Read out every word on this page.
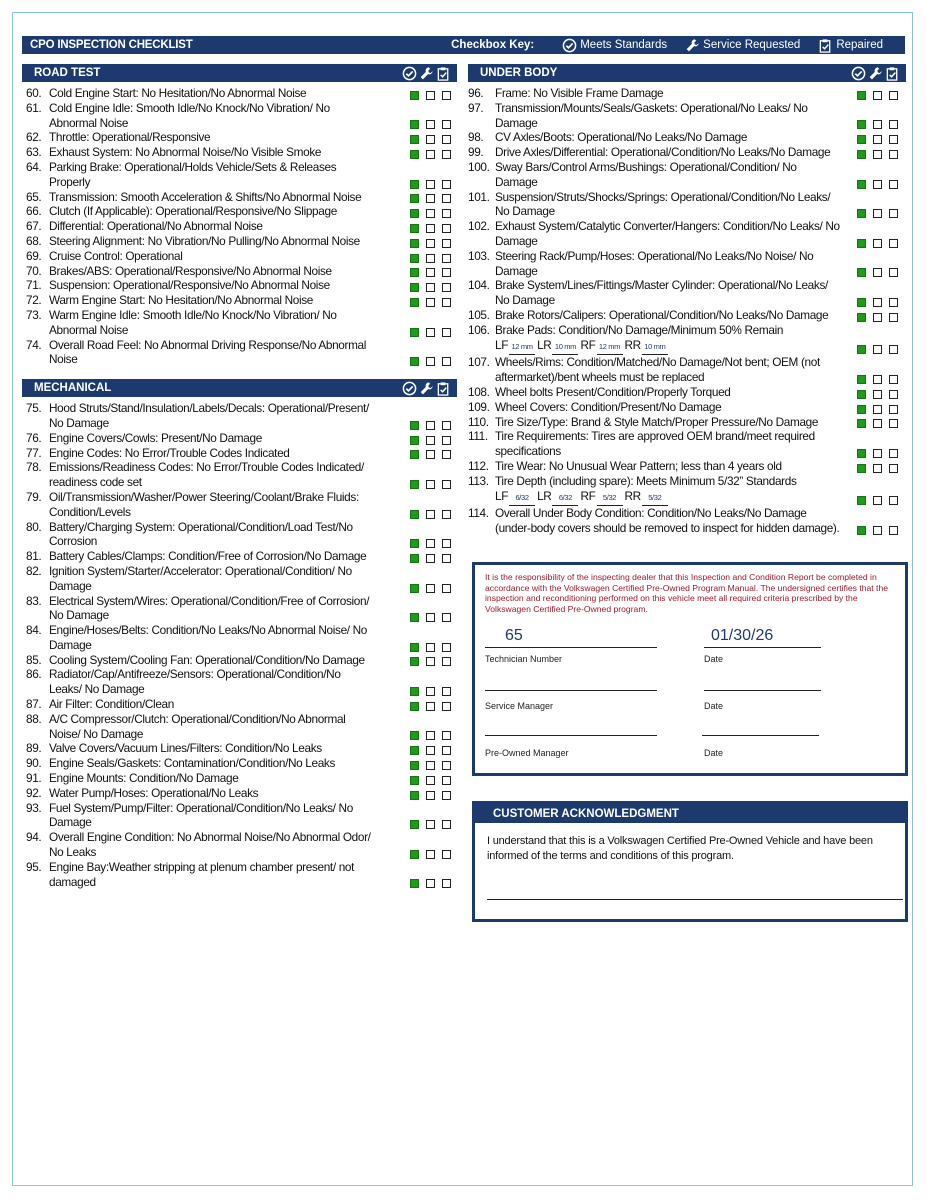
CPO INSPECTION CHECKLIST	Checkbox Key:	Meets Standards	Service Requested	Repaired
ROAD TEST
60. Cold Engine Start: No Hesitation/No Abnormal Noise
61. Cold Engine Idle: Smooth Idle/No Knock/No Vibration/ No Abnormal Noise
62. Throttle: Operational/Responsive
63. Exhaust System: No Abnormal Noise/No Visible Smoke
64. Parking Brake: Operational/Holds Vehicle/Sets & Releases Properly
65. Transmission: Smooth Acceleration & Shifts/No Abnormal Noise
66. Clutch (If Applicable): Operational/Responsive/No Slippage
67. Differential: Operational/No Abnormal Noise
68. Steering Alignment: No Vibration/No Pulling/No Abnormal Noise
69. Cruise Control: Operational
70. Brakes/ABS: Operational/Responsive/No Abnormal Noise
71. Suspension: Operational/Responsive/No Abnormal Noise
72. Warm Engine Start: No Hesitation/No Abnormal Noise
73. Warm Engine Idle: Smooth Idle/No Knock/No Vibration/ No Abnormal Noise
74. Overall Road Feel: No Abnormal Driving Response/No Abnormal Noise
MECHANICAL
75. Hood Struts/Stand/Insulation/Labels/Decals: Operational/Present/ No Damage
76. Engine Covers/Cowls: Present/No Damage
77. Engine Codes: No Error/Trouble Codes Indicated
78. Emissions/Readiness Codes: No Error/Trouble Codes Indicated/ readiness code set
79. Oil/Transmission/Washer/Power Steering/Coolant/Brake Fluids: Condition/Levels
80. Battery/Charging System: Operational/Condition/Load Test/No Corrosion
81. Battery Cables/Clamps: Condition/Free of Corrosion/No Damage
82. Ignition System/Starter/Accelerator: Operational/Condition/ No Damage
83. Electrical System/Wires: Operational/Condition/Free of Corrosion/ No Damage
84. Engine/Hoses/Belts: Condition/No Leaks/No Abnormal Noise/ No Damage
85. Cooling System/Cooling Fan: Operational/Condition/No Damage
86. Radiator/Cap/Antifreeze/Sensors: Operational/Condition/No Leaks/ No Damage
87. Air Filter: Condition/Clean
88. A/C Compressor/Clutch: Operational/Condition/No Abnormal Noise/ No Damage
89. Valve Covers/Vacuum Lines/Filters: Condition/No Leaks
90. Engine Seals/Gaskets: Contamination/Condition/No Leaks
91. Engine Mounts: Condition/No Damage
92. Water Pump/Hoses: Operational/No Leaks
93. Fuel System/Pump/Filter: Operational/Condition/No Leaks/ No Damage
94. Overall Engine Condition: No Abnormal Noise/No Abnormal Odor/ No Leaks
95. Engine Bay:Weather stripping at plenum chamber present/ not damaged
UNDER BODY
96. Frame: No Visible Frame Damage
97. Transmission/Mounts/Seals/Gaskets: Operational/No Leaks/ No Damage
98. CV Axles/Boots: Operational/No Leaks/No Damage
99. Drive Axles/Differential: Operational/Condition/No Leaks/No Damage
100. Sway Bars/Control Arms/Bushings: Operational/Condition/ No Damage
101. Suspension/Struts/Shocks/Springs: Operational/Condition/No Leaks/ No Damage
102. Exhaust System/Catalytic Converter/Hangers: Condition/No Leaks/ No Damage
103. Steering Rack/Pump/Hoses: Operational/No Leaks/No Noise/ No Damage
104. Brake System/Lines/Fittings/Master Cylinder: Operational/No Leaks/ No Damage
105. Brake Rotors/Calipers: Operational/Condition/No Leaks/No Damage
106. Brake Pads: Condition/No Damage/Minimum 50% Remain
LF 12 mm LR 10 mm RF 12 mm RR 10 mm
107. Wheels/Rims: Condition/Matched/No Damage/Not bent; OEM (not aftermarket)/bent wheels must be replaced
108. Wheel bolts Present/Condition/Properly Torqued
109. Wheel Covers: Condition/Present/No Damage
110. Tire Size/Type: Brand & Style Match/Proper Pressure/No Damage
111. Tire Requirements: Tires are approved OEM brand/meet required specifications
112. Tire Wear: No Unusual Wear Pattern; less than 4 years old
113. Tire Depth (including spare): Meets Minimum 5/32” Standards
LF 6/32 LR 6/32 RF 5/32 RR 5/32
114. Overall Under Body Condition: Condition/No Leaks/No Damage (under-body covers should be removed to inspect for hidden damage).
It is the responsibility of the inspecting dealer that this Inspection and Condition Report be completed in accordance with the Volkswagen Certified Pre-Owned Program Manual. The undersigned certifies that the inspection and reconditioning performed on this vehicle meet all required criteria prescribed by the Volkswagen Certified Pre-Owned program.
65
Technician Number
01/30/26
Date
Service Manager	Date
Pre-Owned Manager	Date
CUSTOMER ACKNOWLEDGMENT
I understand that this is a Volkswagen Certified Pre-Owned Vehicle and have been informed of the terms and conditions of this program.
